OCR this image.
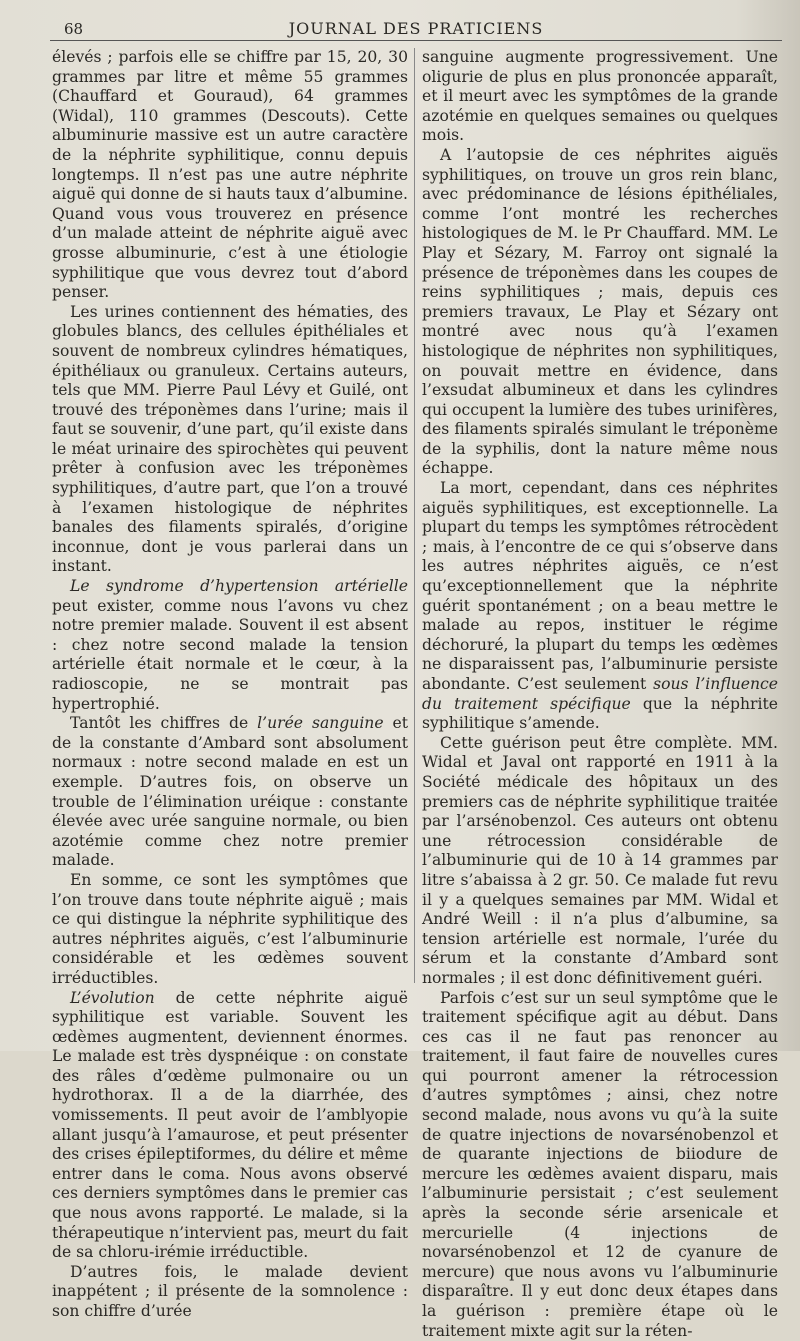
68	JOURNAL DES PRATICIENS

élevés ; parfois elle se chiffre par 15, 20, 30 grammes par litre et même 55 grammes (Chauffard et Gouraud), 64 grammes (Widal), 110 grammes (Descouts). Cette albuminurie massive est un autre caractère de la néphrite syphilitique, connu depuis longtemps. Il n’est pas une autre néphrite aiguë qui donne de si hauts taux d’albumine. Quand vous vous trouverez en présence d’un malade atteint de néphrite aiguë avec grosse albuminurie, c’est à une étiologie syphilitique que vous devrez tout d’abord penser.

Les urines contiennent des hématies, des globules blancs, des cellules épithéliales et souvent de nombreux cylindres hématiques, épithéliaux ou granuleux. Certains auteurs, tels que MM. Pierre Paul Lévy et Guilé, ont trouvé des tréponèmes dans l’urine; mais il faut se souvenir, d’une part, qu’il existe dans le méat urinaire des spirochètes qui peuvent prêter à confusion avec les tréponèmes syphilitiques, d’autre part, que l’on a trouvé à l’examen histologique de néphrites banales des filaments spiralés, d’origine inconnue, dont je vous parlerai dans un instant.

Le syndrome d’hypertension artérielle peut exister, comme nous l’avons vu chez notre premier malade. Souvent il est absent : chez notre second malade la tension artérielle était normale et le cœur, à la radioscopie, ne se montrait pas hypertrophié.

Tantôt les chiffres de l’urée sanguine et de la constante d’Ambard sont absolument normaux : notre second malade en est un exemple. D’autres fois, on observe un trouble de l’élimination uréique : constante élevée avec urée sanguine normale, ou bien azotémie comme chez notre premier malade.

En somme, ce sont les symptômes que l’on trouve dans toute néphrite aiguë ; mais ce qui distingue la néphrite syphilitique des autres néphrites aiguës, c’est l’albuminurie considérable et les œdèmes souvent irréductibles.

L’évolution de cette néphrite aiguë syphilitique est variable. Souvent les œdèmes augmentent, deviennent énormes. Le malade est très dyspnéique : on constate des râles d’œdème pulmonaire ou un hydrothorax. Il a de la diarrhée, des vomissements. Il peut avoir de l’amblyopie allant jusqu’à l’amaurose, et peut présenter des crises épileptiformes, du délire et même entrer dans le coma. Nous avons observé ces derniers symptômes dans le premier cas que nous avons rapporté. Le malade, si la thérapeutique n’intervient pas, meurt du fait de sa chloru-irémie irréductible.

D’autres fois, le malade devient inappétent ; il présente de la somnolence : son chiffre d’urée

sanguine augmente progressivement. Une oligurie de plus en plus prononcée apparaît, et il meurt avec les symptômes de la grande azotémie en quelques semaines ou quelques mois.

A l’autopsie de ces néphrites aiguës syphilitiques, on trouve un gros rein blanc, avec prédominance de lésions épithéliales, comme l’ont montré les recherches histologiques de M. le Pr Chauffard. MM. Le Play et Sézary, M. Farroy ont signalé la présence de tréponèmes dans les coupes de reins syphilitiques ; mais, depuis ces premiers travaux, Le Play et Sézary ont montré avec nous qu’à l’examen histologique de néphrites non syphilitiques, on pouvait mettre en évidence, dans l’exsudat albumineux et dans les cylindres qui occupent la lumière des tubes urinifères, des filaments spiralés simulant le tréponème de la syphilis, dont la nature même nous échappe.

La mort, cependant, dans ces néphrites aiguës syphilitiques, est exceptionnelle. La plupart du temps les symptômes rétrocèdent ; mais, à l’encontre de ce qui s’observe dans les autres néphrites aiguës, ce n’est qu’exceptionnellement que la néphrite guérit spontanément ; on a beau mettre le malade au repos, instituer le régime déchoruré, la plupart du temps les œdèmes ne disparaissent pas, l’albuminurie persiste abondante. C’est seulement sous l’influence du traitement spécifique que la néphrite syphilitique s’amende.

Cette guérison peut être complète. MM. Widal et Javal ont rapporté en 1911 à la Société médicale des hôpitaux un des premiers cas de néphrite syphilitique traitée par l’arsénobenzol. Ces auteurs ont obtenu une rétrocession considérable de l’albuminurie qui de 10 à 14 grammes par litre s’abaissa à 2 gr. 50. Ce malade fut revu il y a quelques semaines par MM. Widal et André Weill : il n’a plus d’albumine, sa tension artérielle est normale, l’urée du sérum et la constante d’Ambard sont normales ; il est donc définitivement guéri.

Parfois c’est sur un seul symptôme que le traitement spécifique agit au début. Dans ces cas il ne faut pas renoncer au traitement, il faut faire de nouvelles cures qui pourront amener la rétrocession d’autres symptômes ; ainsi, chez notre second malade, nous avons vu qu’à la suite de quatre injections de novarsénobenzol et de quarante injections de biiodure de mercure les œdèmes avaient disparu, mais l’albuminurie persistait ; c’est seulement après la seconde série arsenicale et mercurielle (4 injections de novarsénobenzol et 12 de cyanure de mercure) que nous avons vu l’albuminurie disparaître. Il y eut donc deux étapes dans la guérison : première étape où le traitement mixte agit sur la réten-
